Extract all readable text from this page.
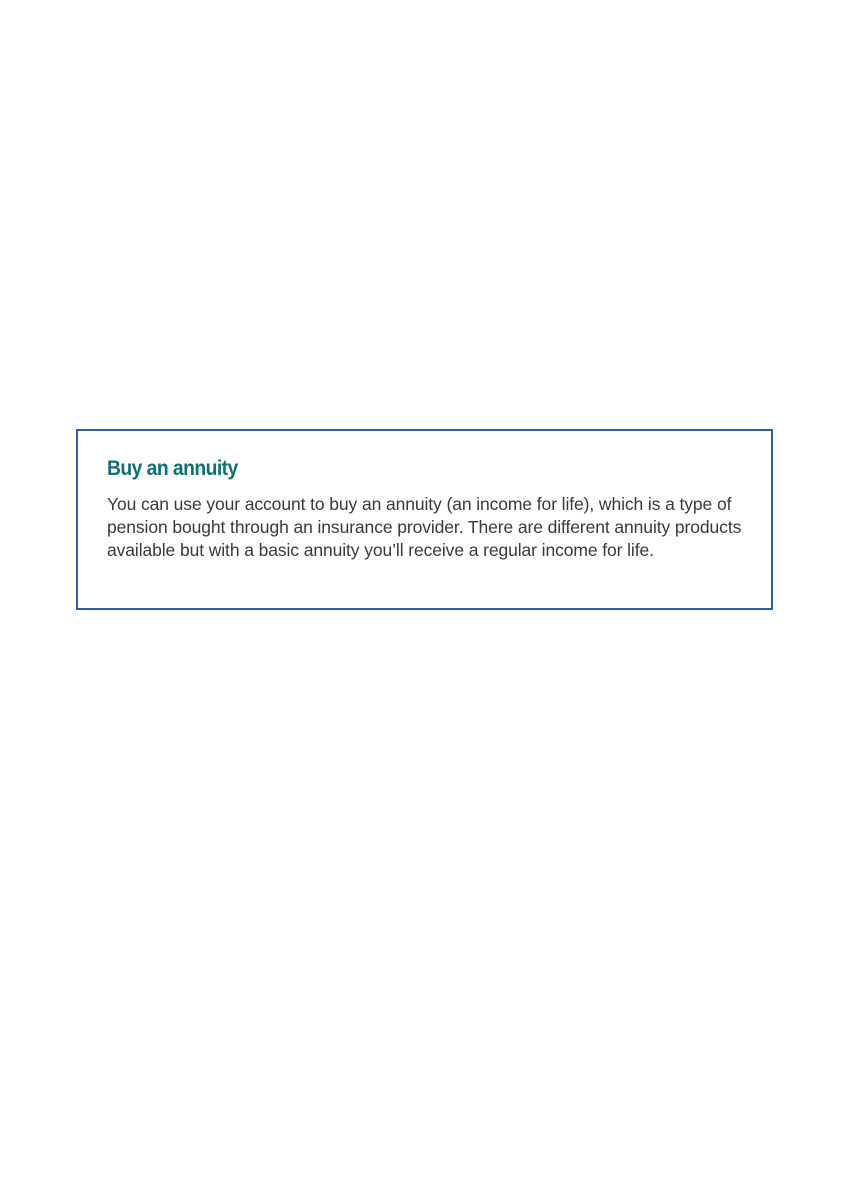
Buy an annuity

You can use your account to buy an annuity (an income for life), which is a type of pension bought through an insurance provider. There are different annuity products available but with a basic annuity you’ll receive a regular income for life.
